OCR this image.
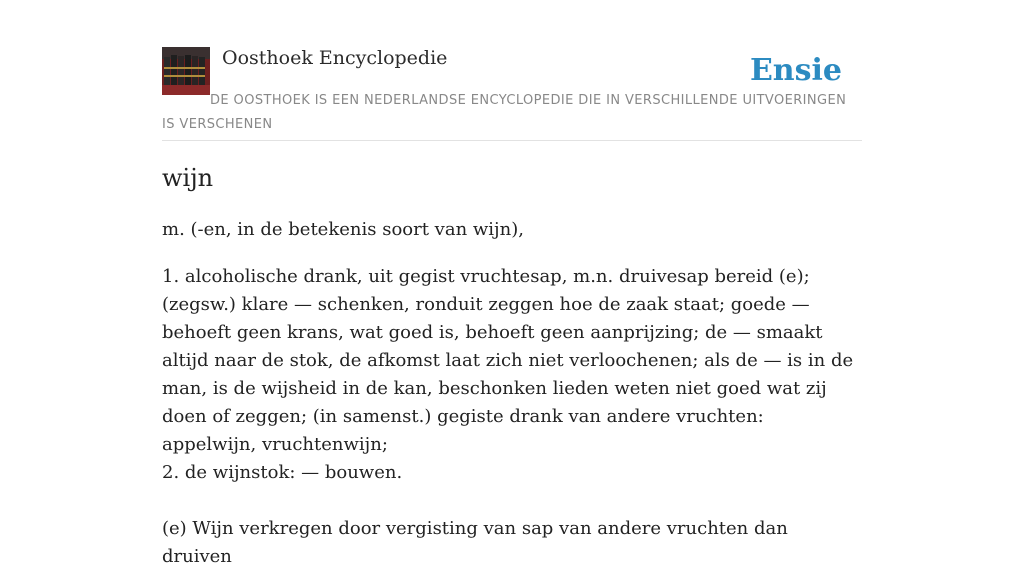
Oosthoek Encyclopedie	Ensie

DE OOSTHOEK IS EEN NEDERLANDSE ENCYCLOPEDIE DIE IN VERSCHILLENDE UITVOERINGEN IS VERSCHENEN

wijn

m. (-en, in de betekenis soort van wijn),

1. alcoholische drank, uit gegist vruchtesap, m.n. druivesap bereid (e); (zegsw.) klare — schenken, ronduit zeggen hoe de zaak staat; goede — behoeft geen krans, wat goed is, behoeft geen aanprijzing; de — smaakt altijd naar de stok, de afkomst laat zich niet verloochenen; als de — is in de man, is de wijsheid in de kan, beschonken lieden weten niet goed wat zij doen of zeggen; (in samenst.) gegiste drank van andere vruchten: appelwijn, vruchtenwijn;
2. de wijnstok: — bouwen.

(e) Wijn verkregen door vergisting van sap van andere vruchten dan druiven
